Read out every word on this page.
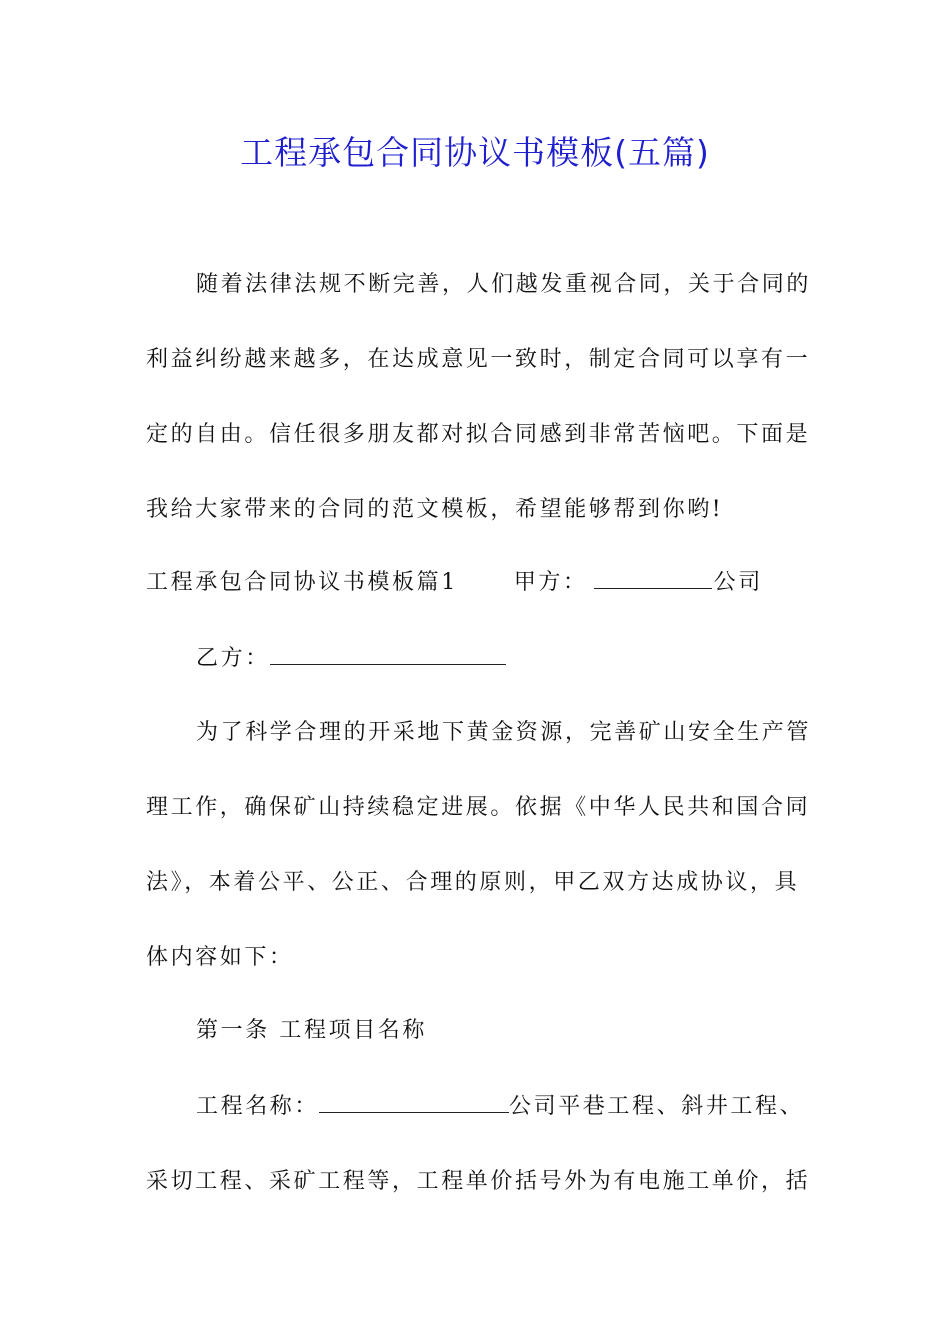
工程承包合同协议书模板(五篇)

随着法律法规不断完善，人们越发重视合同，关于合同的

利益纠纷越来越多，在达成意见一致时，制定合同可以享有一

定的自由。信任很多朋友都对拟合同感到非常苦恼吧。下面是

我给大家带来的合同的范文模板，希望能够帮到你哟!

工程承包合同协议书模板篇1	甲方：	公司

乙方：

为了科学合理的开采地下黄金资源，完善矿山安全生产管

理工作，确保矿山持续稳定进展。依据《中华人民共和国合同

法》，本着公平、公正、合理的原则，甲乙双方达成协议，具

体内容如下：

第一条 工程项目名称

工程名称：	公司平巷工程、斜井工程、

采切工程、采矿工程等，工程单价括号外为有电施工单价，括
